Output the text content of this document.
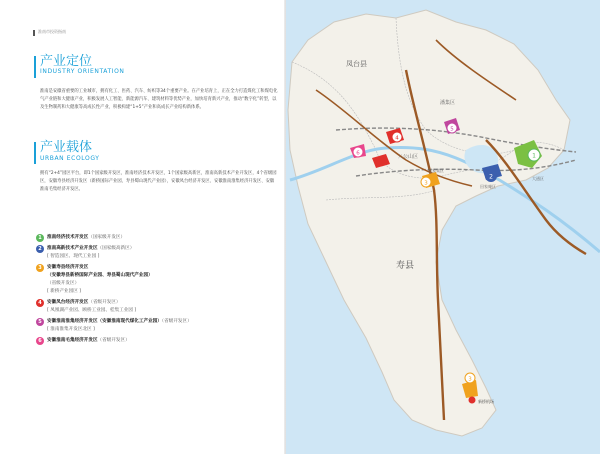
淮南市投资指南
产业定位
INDUSTRY ORIENTATION
淮南是安徽省重要的工业城市，拥有化工、医药、汽车、纺织等34个重要产业。在产业培育上，正在全力打造煤化工和煤电化气产业链和大健康产业，积极发展人工智能、新能源汽车、建筑材料等优势产业，加快培育新兴产业，推动“数字化”转型，以及生物制药和大健康等高成长性产业，积极构建“1+5”产业和高成长产业结构新体系。
产业载体
URBAN ECOLOGY
拥有“2+4”园区平台，即1个国家级开发区，淮南经济技术开发区，1个国家级高新区，淮南高新技术产业开发区，4个省级园区，安徽寿县经济开发区（新桥国际产业园、寿县蜀山现代产业园），安徽凤台经济开发区、安徽淮南淮集经济开发区、安徽淮南毛集经济开发区。
1	淮南经济技术开发区（国家级开发区）
2	淮南高新技术产业开发区（国家级高新区）
[ 智造园区、现代工业园 ]
3	安徽寿县经济开发区
（安徽寿县新桥国际产业园、寿县蜀山现代产业园）
（省级开发区）
[ 新桥产业园区 ]
4	安徽凤台经济开发区（省级开发区）
[ 凤凰湖产业园、顾桥工业园、桂集工业园 ]
5	安徽淮南淮集经济开发区（安徽淮南现代煤化工产业园）（省级开发区）
[ 淮南淮集开发区北区 ]
6	安徽淮南毛集经济开发区（省级开发区）
1
2
3
4
5
6
3
凤台县
寿县
潘集区
八公山区
谢家集区
田家庵区
大通区
新桥机场
